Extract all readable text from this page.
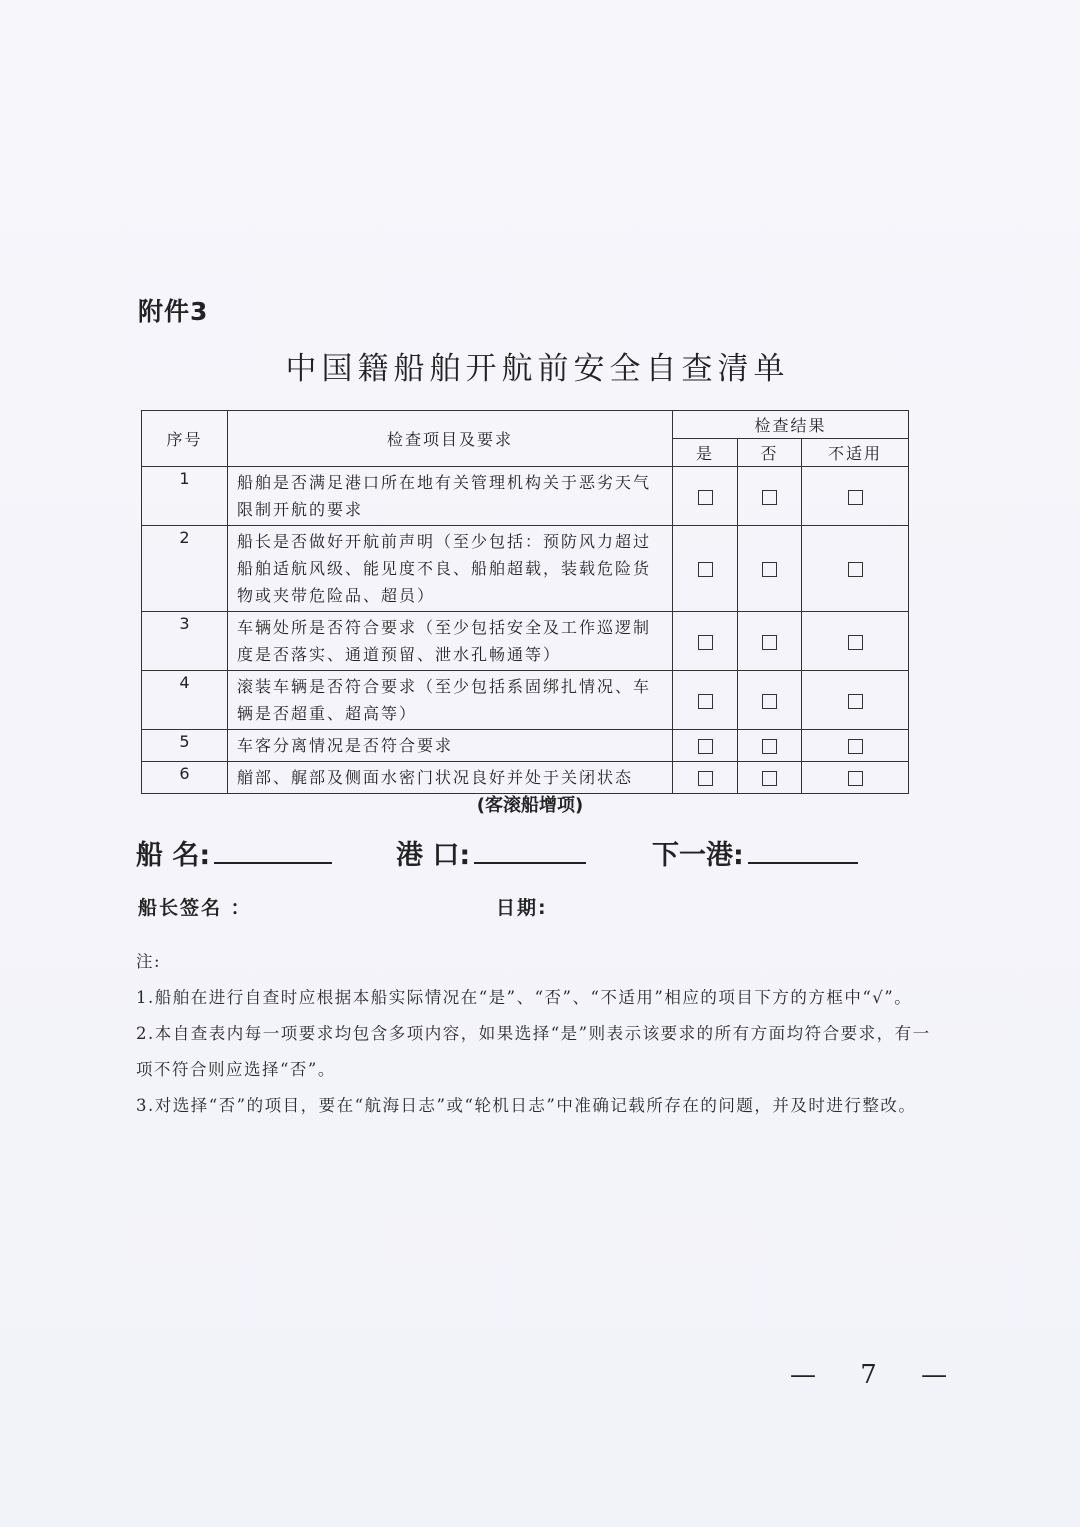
附件3
中国籍船舶开航前安全自查清单
序号	检查项目及要求	检查结果		
		是	否	不适用
1	船舶是否满足港口所在地有关管理机构关于恶劣天气限制开航的要求			
2	船长是否做好开航前声明（至少包括：预防风力超过船舶适航风级、能见度不良、船舶超载，装载危险货物或夹带危险品、超员）			
3	车辆处所是否符合要求（至少包括安全及工作巡逻制度是否落实、通道预留、泄水孔畅通等）			
4	滚装车辆是否符合要求（至少包括系固绑扎情况、车辆是否超重、超高等）			
5	车客分离情况是否符合要求			
6	艏部、艉部及侧面水密门状况良好并处于关闭状态			
(客滚船增项)
船 名:	港 口:	下一港:
船长签名 ：	日期:

注:

1.船舶在进行自查时应根据本船实际情况在“是”、“否”、“不适用”相应的项目下方的方框中“√”。

2.本自查表内每一项要求均包含多项内容，如果选择“是”则表示该要求的所有方面均符合要求，有一项不符合则应选择“否”。

3.对选择“否”的项目，要在“航海日志”或“轮机日志”中准确记载所存在的问题，并及时进行整改。

— 7 —
